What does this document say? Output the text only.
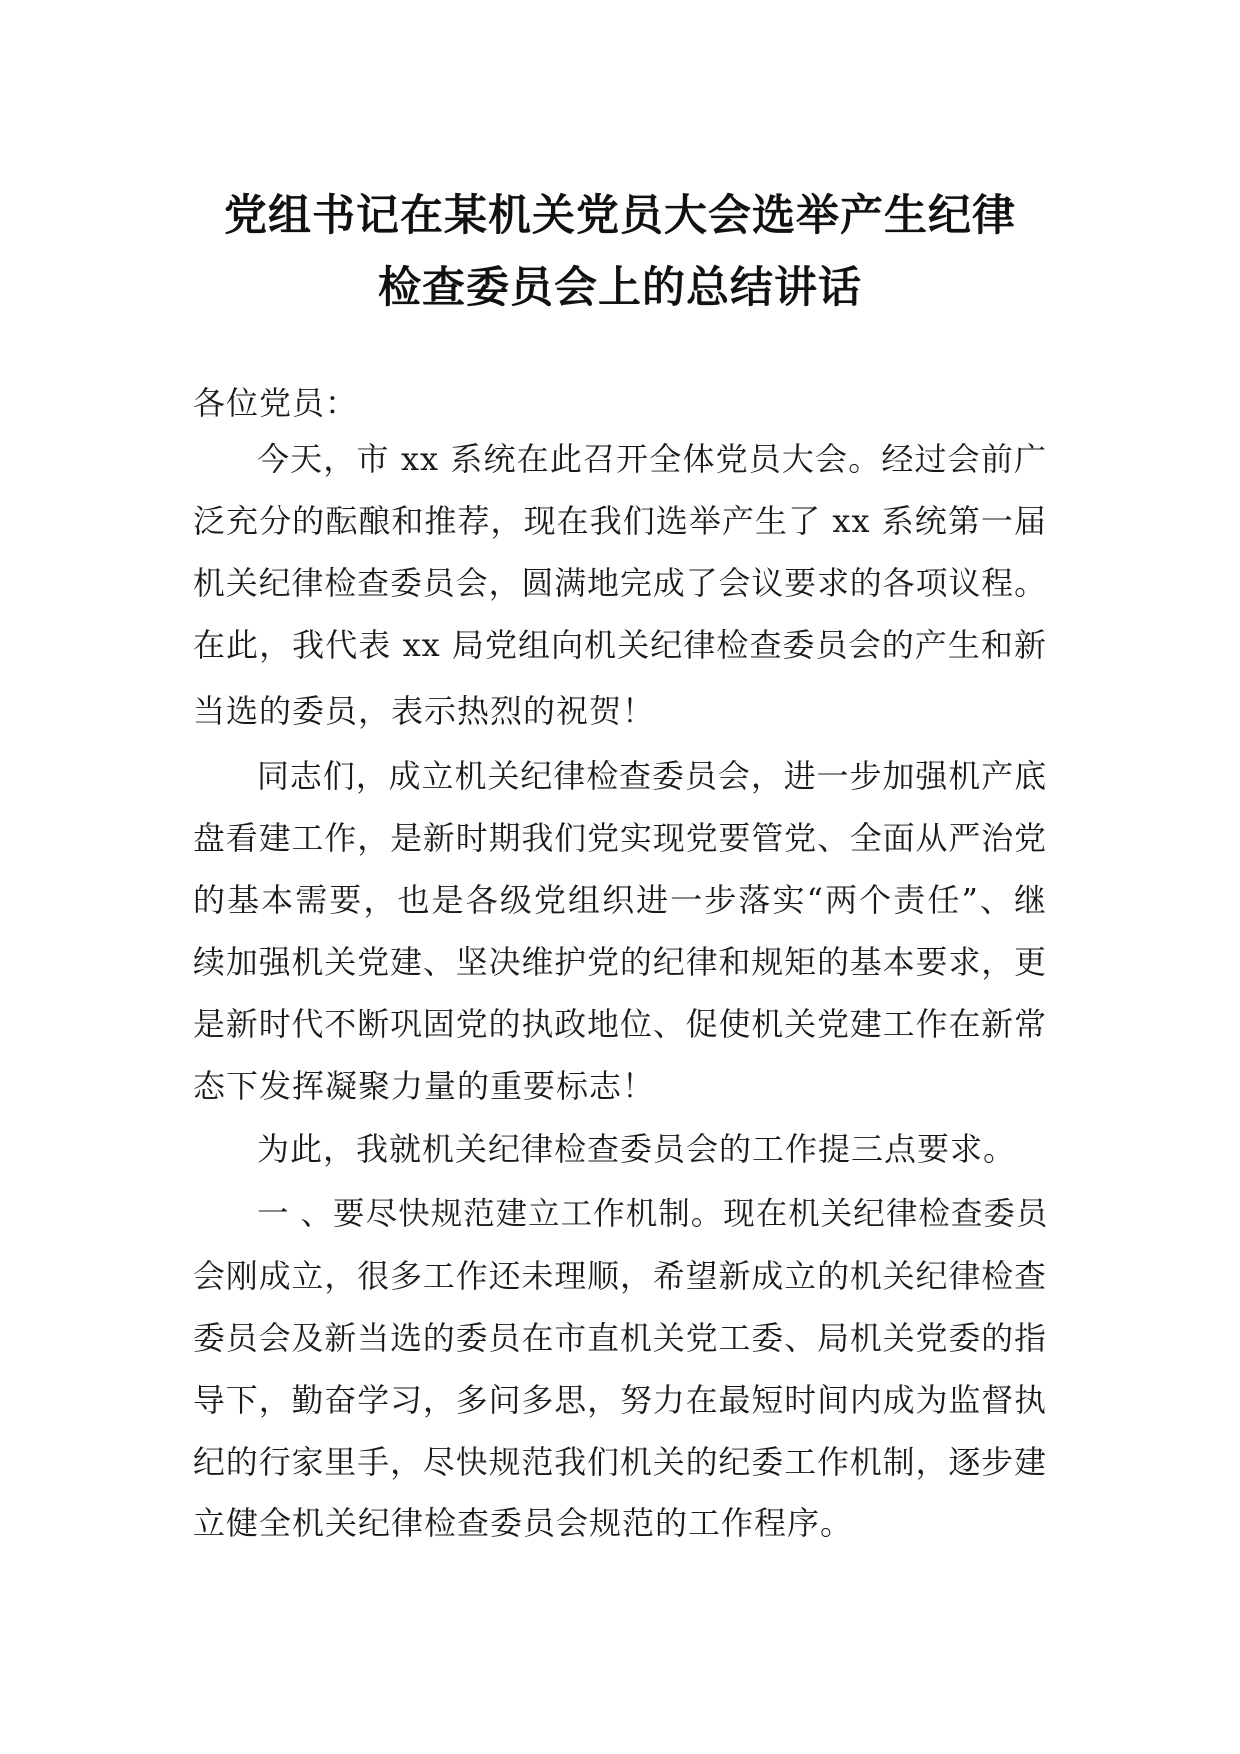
党组书记在某机关党员大会选举产生纪律
检查委员会上的总结讲话
各位党员：
今天，市 xx 系统在此召开全体党员大会。经过会前广
泛充分的酝酿和推荐，现在我们选举产生了 xx 系统第一届
机关纪律检查委员会，圆满地完成了会议要求的各项议程。
在此，我代表 xx 局党组向机关纪律检查委员会的产生和新
当选的委员，表示热烈的祝贺！
同志们，成立机关纪律检查委员会，进一步加强机产底
盘看建工作，是新时期我们党实现党要管党、全面从严治党
的基本需要，也是各级党组织进一步落实“两个责任”、继
续加强机关党建、坚决维护党的纪律和规矩的基本要求，更
是新时代不断巩固党的执政地位、促使机关党建工作在新常
态下发挥凝聚力量的重要标志！
为此，我就机关纪律检查委员会的工作提三点要求。
一 、要尽快规范建立工作机制。现在机关纪律检查委员
会刚成立，很多工作还未理顺，希望新成立的机关纪律检查
委员会及新当选的委员在市直机关党工委、局机关党委的指
导下，勤奋学习，多问多思，努力在最短时间内成为监督执
纪的行家里手，尽快规范我们机关的纪委工作机制，逐步建
立健全机关纪律检查委员会规范的工作程序。
